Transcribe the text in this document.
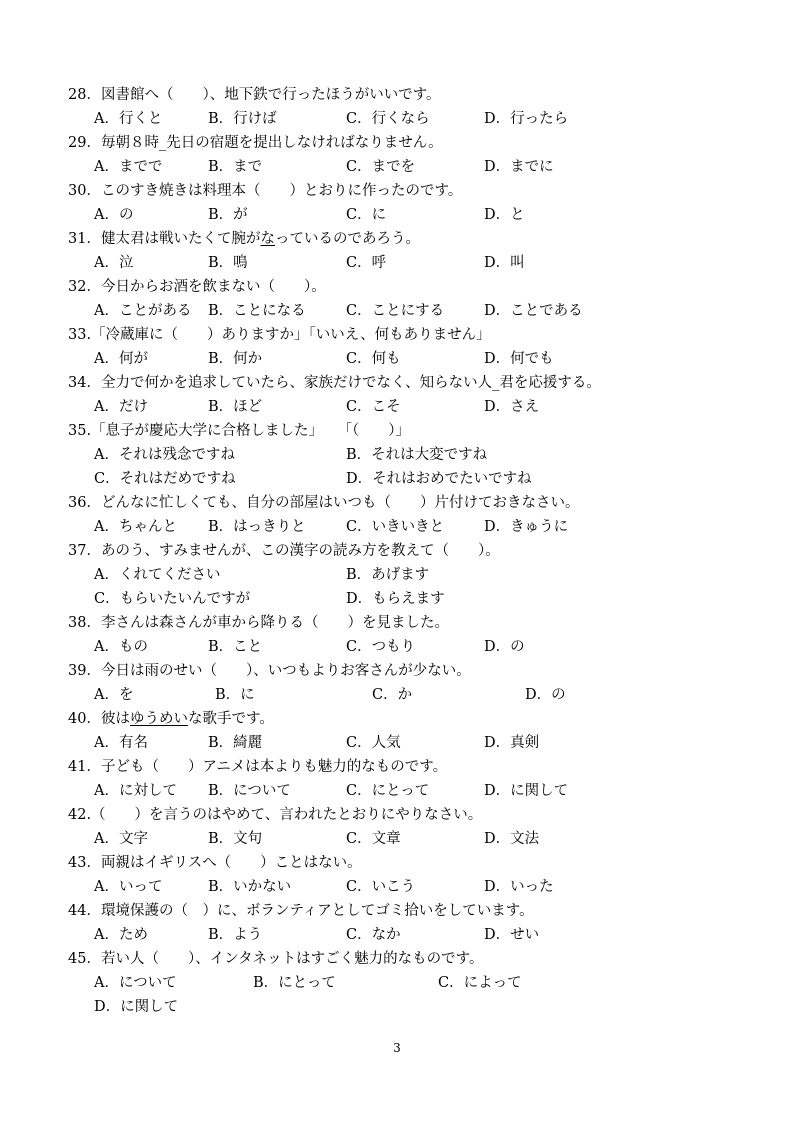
28．図書館へ（　　）、地下鉄で行ったほうがいいです。
A．行くと	B．行けば	C．行くなら	D．行ったら
29．毎朝８時_先日の宿題を提出しなければなりません。
A．までで	B．まで	C．までを	D．までに
30．このすき焼きは料理本（　　）とおりに作ったのです。
A．の	B．が	C．に	D．と
31．健太君は戦いたくて腕がなっているのであろう。
A．泣	B．鳴	C．呼	D．叫
32．今日からお酒を飲まない（　　）。
A．ことがある B．ことになる	C．ことにする	D．ことである
33.「冷蔵庫に（　　）ありますか」「いいえ、何もありません」
A．何が	B．何か	C．何も	D．何でも
34．全力で何かを追求していたら、家族だけでなく、知らない人_君を応援する。
A．だけ	B．ほど	C．こそ	D．さえ
35.「息子が慶応大学に合格しました」　　「（　　）」
A．それは残念ですね	B．それは大変ですね
C．それはだめですね	D．それはおめでたいですね
36．どんなに忙しくても、自分の部屋はいつも（　　）片付けておきなさい。
A．ちゃんと B．はっきりと	C．いきいきと	D．きゅうに
37．あのう、すみませんが、この漢字の読み方を教えて（　　）。
A．くれてください	B．あげます
C．もらいたいんですが	D．もらえます
38．李さんは森さんが車から降りる（　　）を見ました。
A．もの	B．こと	C．つもり	D．の
39．今日は雨のせい（　　）、いつもよりお客さんが少ない。
A．を	B．に	C．か	D．の
40．彼はゆうめいな歌手です。
A．有名	B．綺麗	C．人気	D．真剣
41．子ども（　　）アニメは本よりも魅力的なものです。
A．に対して B．について	C．にとって	D．に関して
42.（　　）を言うのはやめて、言われたとおりにやりなさい。
A．文字	B．文句	C．文章	D．文法
43．両親はイギリスへ（　　）ことはない。
A．いって	B．いかない	C．いこう	D．いった
44．環境保護の（　）に、ボランティアとしてゴミ拾いをしています。
A．ため	B．よう	C．なか	D．せい
45．若い人（　　）、インタネットはすごく魅力的なものです。
A．について	B．にとって	C．によって
D．に関して
3
